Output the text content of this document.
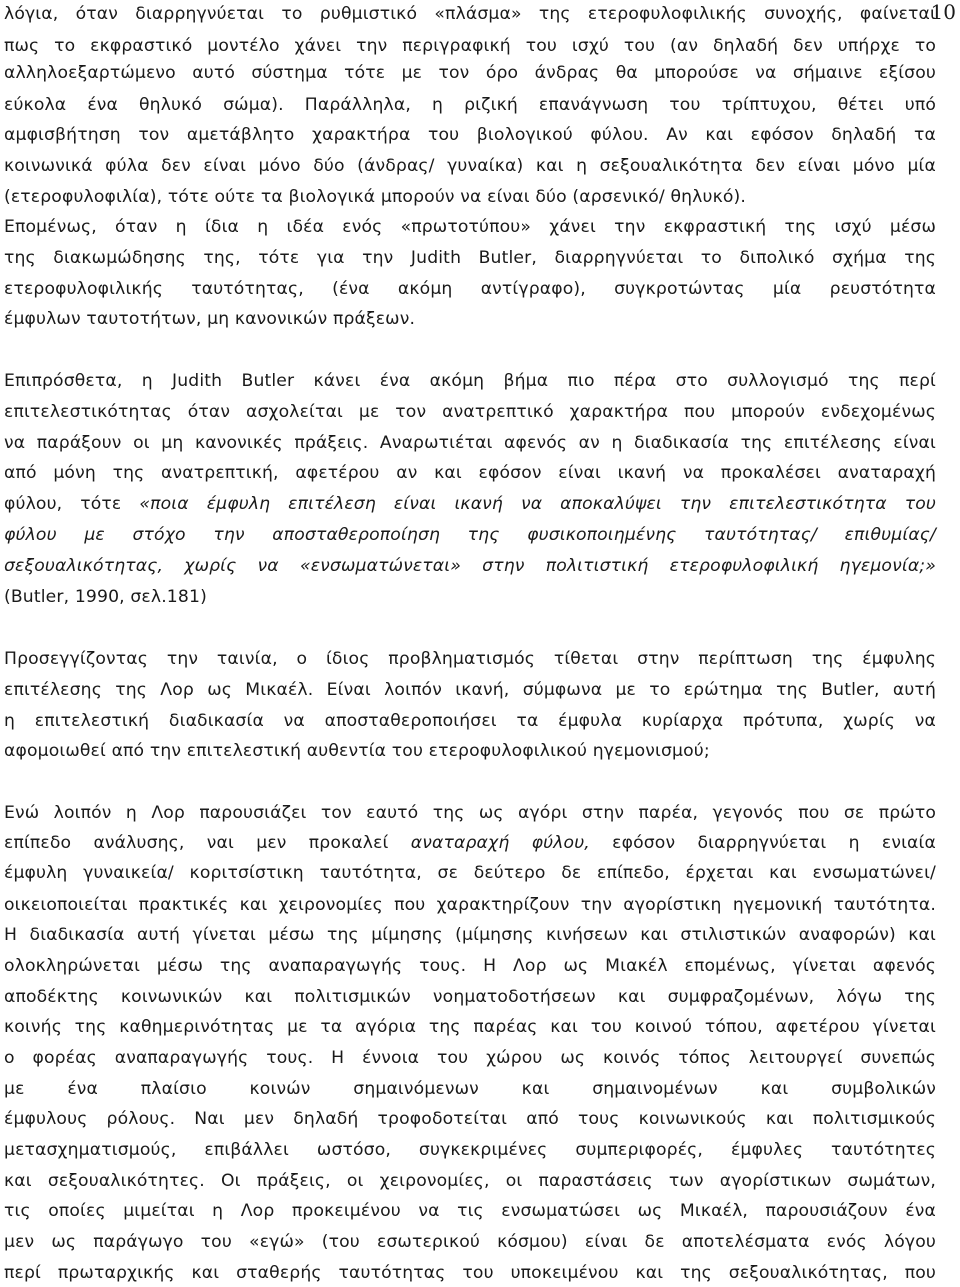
10
λόγια, όταν διαρρηγνύεται το ρυθμιστικό «πλάσμα» της ετεροφυλοφιλικής συνοχής, φαίνεται
πως το εκφραστικό μοντέλο χάνει την περιγραφική του ισχύ του (αν δηλαδή δεν υπήρχε το
αλληλοεξαρτώμενο αυτό σύστημα τότε με τον όρο άνδρας θα μπορούσε να σήμαινε εξίσου
εύκολα ένα θηλυκό σώμα). Παράλληλα, η ριζική επανάγνωση του τρίπτυχου, θέτει υπό
αμφισβήτηση τον αμετάβλητο χαρακτήρα του βιολογικού φύλου. Αν και εφόσον δηλαδή τα
κοινωνικά φύλα δεν είναι μόνο δύο (άνδρας/ γυναίκα) και η σεξουαλικότητα δεν είναι μόνο μία
(ετεροφυλοφιλία), τότε ούτε τα βιολογικά μπορούν να είναι δύο (αρσενικό/ θηλυκό).
Επομένως, όταν η ίδια η ιδέα ενός «πρωτοτύπου» χάνει την εκφραστική της ισχύ μέσω
της διακωμώδησης της, τότε για την Judith Butler, διαρρηγνύεται το διπολικό σχήμα της
ετεροφυλοφιλικής ταυτότητας, (ένα ακόμη αντίγραφο), συγκροτώντας μία ρευστότητα
έμφυλων ταυτοτήτων, μη κανονικών πράξεων.
Επιπρόσθετα, η Judith Butler κάνει ένα ακόμη βήμα πιο πέρα στο συλλογισμό της περί
επιτελεστικότητας όταν ασχολείται με τον ανατρεπτικό χαρακτήρα που μπορούν ενδεχομένως
να παράξουν οι μη κανονικές πράξεις. Αναρωτιέται αφενός αν η διαδικασία της επιτέλεσης είναι
από μόνη της ανατρεπτική, αφετέρου αν και εφόσον είναι ικανή να προκαλέσει αναταραχή
φύλου, τότε «ποια έμφυλη επιτέλεση είναι ικανή να αποκαλύψει την επιτελεστικότητα του
φύλου με στόχο την αποσταθεροποίηση της φυσικοποιημένης ταυτότητας/ επιθυμίας/
σεξουαλικότητας, χωρίς να «ενσωματώνεται» στην πολιτιστική ετεροφυλοφιλική ηγεμονία;»
(Butler, 1990, σελ.181)
Προσεγγίζοντας την ταινία, ο ίδιος προβληματισμός τίθεται στην περίπτωση της έμφυλης
επιτέλεσης της Λορ ως Μικαέλ. Είναι λοιπόν ικανή, σύμφωνα με το ερώτημα της Butler, αυτή
η επιτελεστική διαδικασία να αποσταθεροποιήσει τα έμφυλα κυρίαρχα πρότυπα, χωρίς να
αφομοιωθεί από την επιτελεστική αυθεντία του ετεροφυλοφιλικού ηγεμονισμού;
Ενώ λοιπόν η Λορ παρουσιάζει τον εαυτό της ως αγόρι στην παρέα, γεγονός που σε πρώτο
επίπεδο ανάλυσης, ναι μεν προκαλεί αναταραχή φύλου, εφόσον διαρρηγνύεται η ενιαία
έμφυλη γυναικεία/ κοριτσίστικη ταυτότητα, σε δεύτερο δε επίπεδο, έρχεται και ενσωματώνει/
οικειοποιείται πρακτικές και χειρονομίες που χαρακτηρίζουν την αγορίστικη ηγεμονική ταυτότητα.
Η διαδικασία αυτή γίνεται μέσω της μίμησης (μίμησης κινήσεων και στιλιστικών αναφορών) και
ολοκληρώνεται μέσω της αναπαραγωγής τους. Η Λορ ως Μιακέλ επομένως, γίνεται αφενός
αποδέκτης κοινωνικών και πολιτισμικών νοηματοδοτήσεων και συμφραζομένων, λόγω της
κοινής της καθημερινότητας με τα αγόρια της παρέας και του κοινού τόπου, αφετέρου γίνεται
ο φορέας αναπαραγωγής τους. Η έννοια του χώρου ως κοινός τόπος λειτουργεί συνεπώς
με ένα πλαίσιο κοινών σημαινόμενων και σημαινομένων και συμβολικών
έμφυλους ρόλους. Ναι μεν δηλαδή τροφοδοτείται από τους κοινωνικούς και πολιτισμικούς
μετασχηματισμούς, επιβάλλει ωστόσο, συγκεκριμένες συμπεριφορές, έμφυλες ταυτότητες
και σεξουαλικότητες. Οι πράξεις, οι χειρονομίες, οι παραστάσεις των αγορίστικων σωμάτων,
τις οποίες μιμείται η Λορ προκειμένου να τις ενσωματώσει ως Μικαέλ, παρουσιάζουν ένα
μεν ως παράγωγο του «εγώ» (του εσωτερικού κόσμου) είναι δε αποτελέσματα ενός λόγου
περί πρωταρχικής και σταθερής ταυτότητας του υποκειμένου και της σεξουαλικότητας, που
